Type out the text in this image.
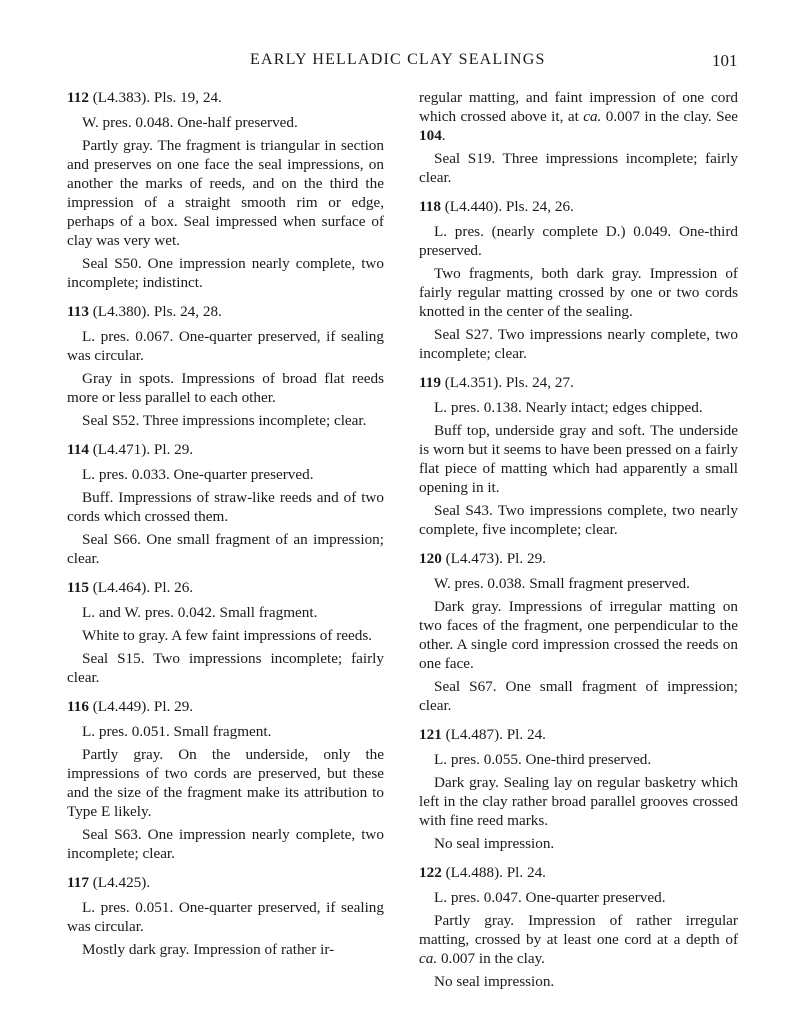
EARLY HELLADIC CLAY SEALINGS	101

112 (L4.383). Pls. 19, 24.

W. pres. 0.048. One-half preserved.

Partly gray. The fragment is triangular in section and preserves on one face the seal impressions, on another the marks of reeds, and on the third the impression of a straight smooth rim or edge, perhaps of a box. Seal impressed when surface of clay was very wet.

Seal S50. One impression nearly complete, two incomplete; indistinct.

113 (L4.380). Pls. 24, 28.

L. pres. 0.067. One-quarter preserved, if sealing was circular.

Gray in spots. Impressions of broad flat reeds more or less parallel to each other.

Seal S52. Three impressions incomplete; clear.

114 (L4.471). Pl. 29.

L. pres. 0.033. One-quarter preserved.

Buff. Impressions of straw-like reeds and of two cords which crossed them.

Seal S66. One small fragment of an impression; clear.

115 (L4.464). Pl. 26.

L. and W. pres. 0.042. Small fragment.

White to gray. A few faint impressions of reeds.

Seal S15. Two impressions incomplete; fairly clear.

116 (L4.449). Pl. 29.

L. pres. 0.051. Small fragment.

Partly gray. On the underside, only the impressions of two cords are preserved, but these and the size of the fragment make its attribution to Type E likely.

Seal S63. One impression nearly complete, two incomplete; clear.

117 (L4.425).

L. pres. 0.051. One-quarter preserved, if sealing was circular.

Mostly dark gray. Impression of rather ir-

regular matting, and faint impression of one cord which crossed above it, at ca. 0.007 in the clay. See 104.

Seal S19. Three impressions incomplete; fairly clear.

118 (L4.440). Pls. 24, 26.

L. pres. (nearly complete D.) 0.049. One-third preserved.

Two fragments, both dark gray. Impression of fairly regular matting crossed by one or two cords knotted in the center of the sealing.

Seal S27. Two impressions nearly complete, two incomplete; clear.

119 (L4.351). Pls. 24, 27.

L. pres. 0.138. Nearly intact; edges chipped.

Buff top, underside gray and soft. The underside is worn but it seems to have been pressed on a fairly flat piece of matting which had apparently a small opening in it.

Seal S43. Two impressions complete, two nearly complete, five incomplete; clear.

120 (L4.473). Pl. 29.

W. pres. 0.038. Small fragment preserved.

Dark gray. Impressions of irregular matting on two faces of the fragment, one perpendicular to the other. A single cord impression crossed the reeds on one face.

Seal S67. One small fragment of impression; clear.

121 (L4.487). Pl. 24.

L. pres. 0.055. One-third preserved.

Dark gray. Sealing lay on regular basketry which left in the clay rather broad parallel grooves crossed with fine reed marks.

No seal impression.

122 (L4.488). Pl. 24.

L. pres. 0.047. One-quarter preserved.

Partly gray. Impression of rather irregular matting, crossed by at least one cord at a depth of ca. 0.007 in the clay.

No seal impression.
